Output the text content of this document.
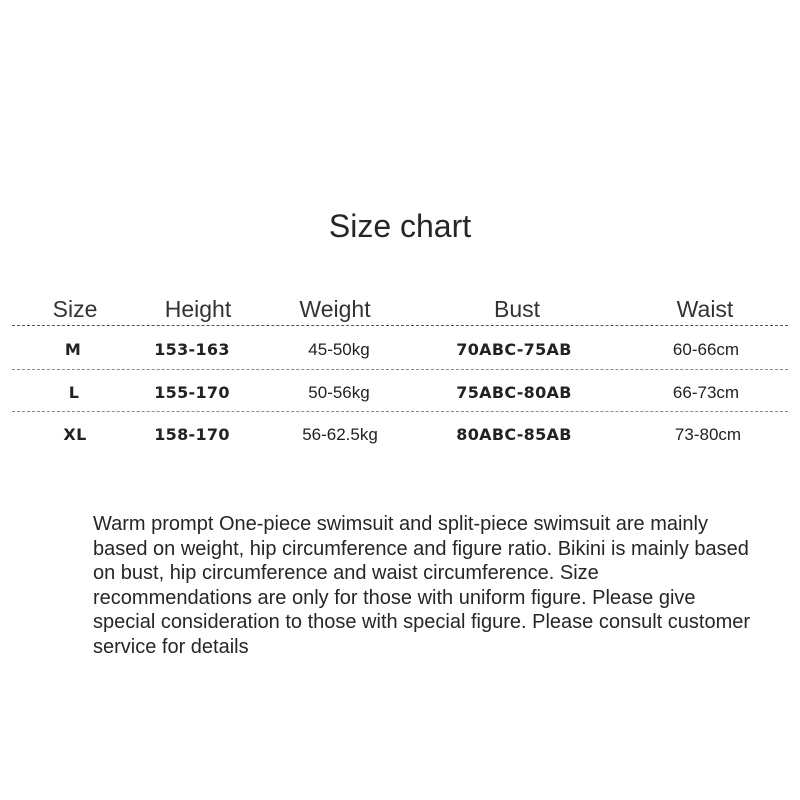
Size chart
Size	Height	Weight	Bust	Waist
M	153-163	45-50kg	70ABC-75AB	60-66cm
L	155-170	50-56kg	75ABC-80AB	66-73cm
XL	158-170	56-62.5kg	80ABC-85AB	73-80cm

Warm prompt One-piece swimsuit and split-piece swimsuit are mainly based on weight, hip circumference and figure ratio. Bikini is mainly based on bust, hip circumference and waist circumference. Size recommendations are only for those with uniform figure. Please give special consideration to those with special figure. Please consult customer service for details
